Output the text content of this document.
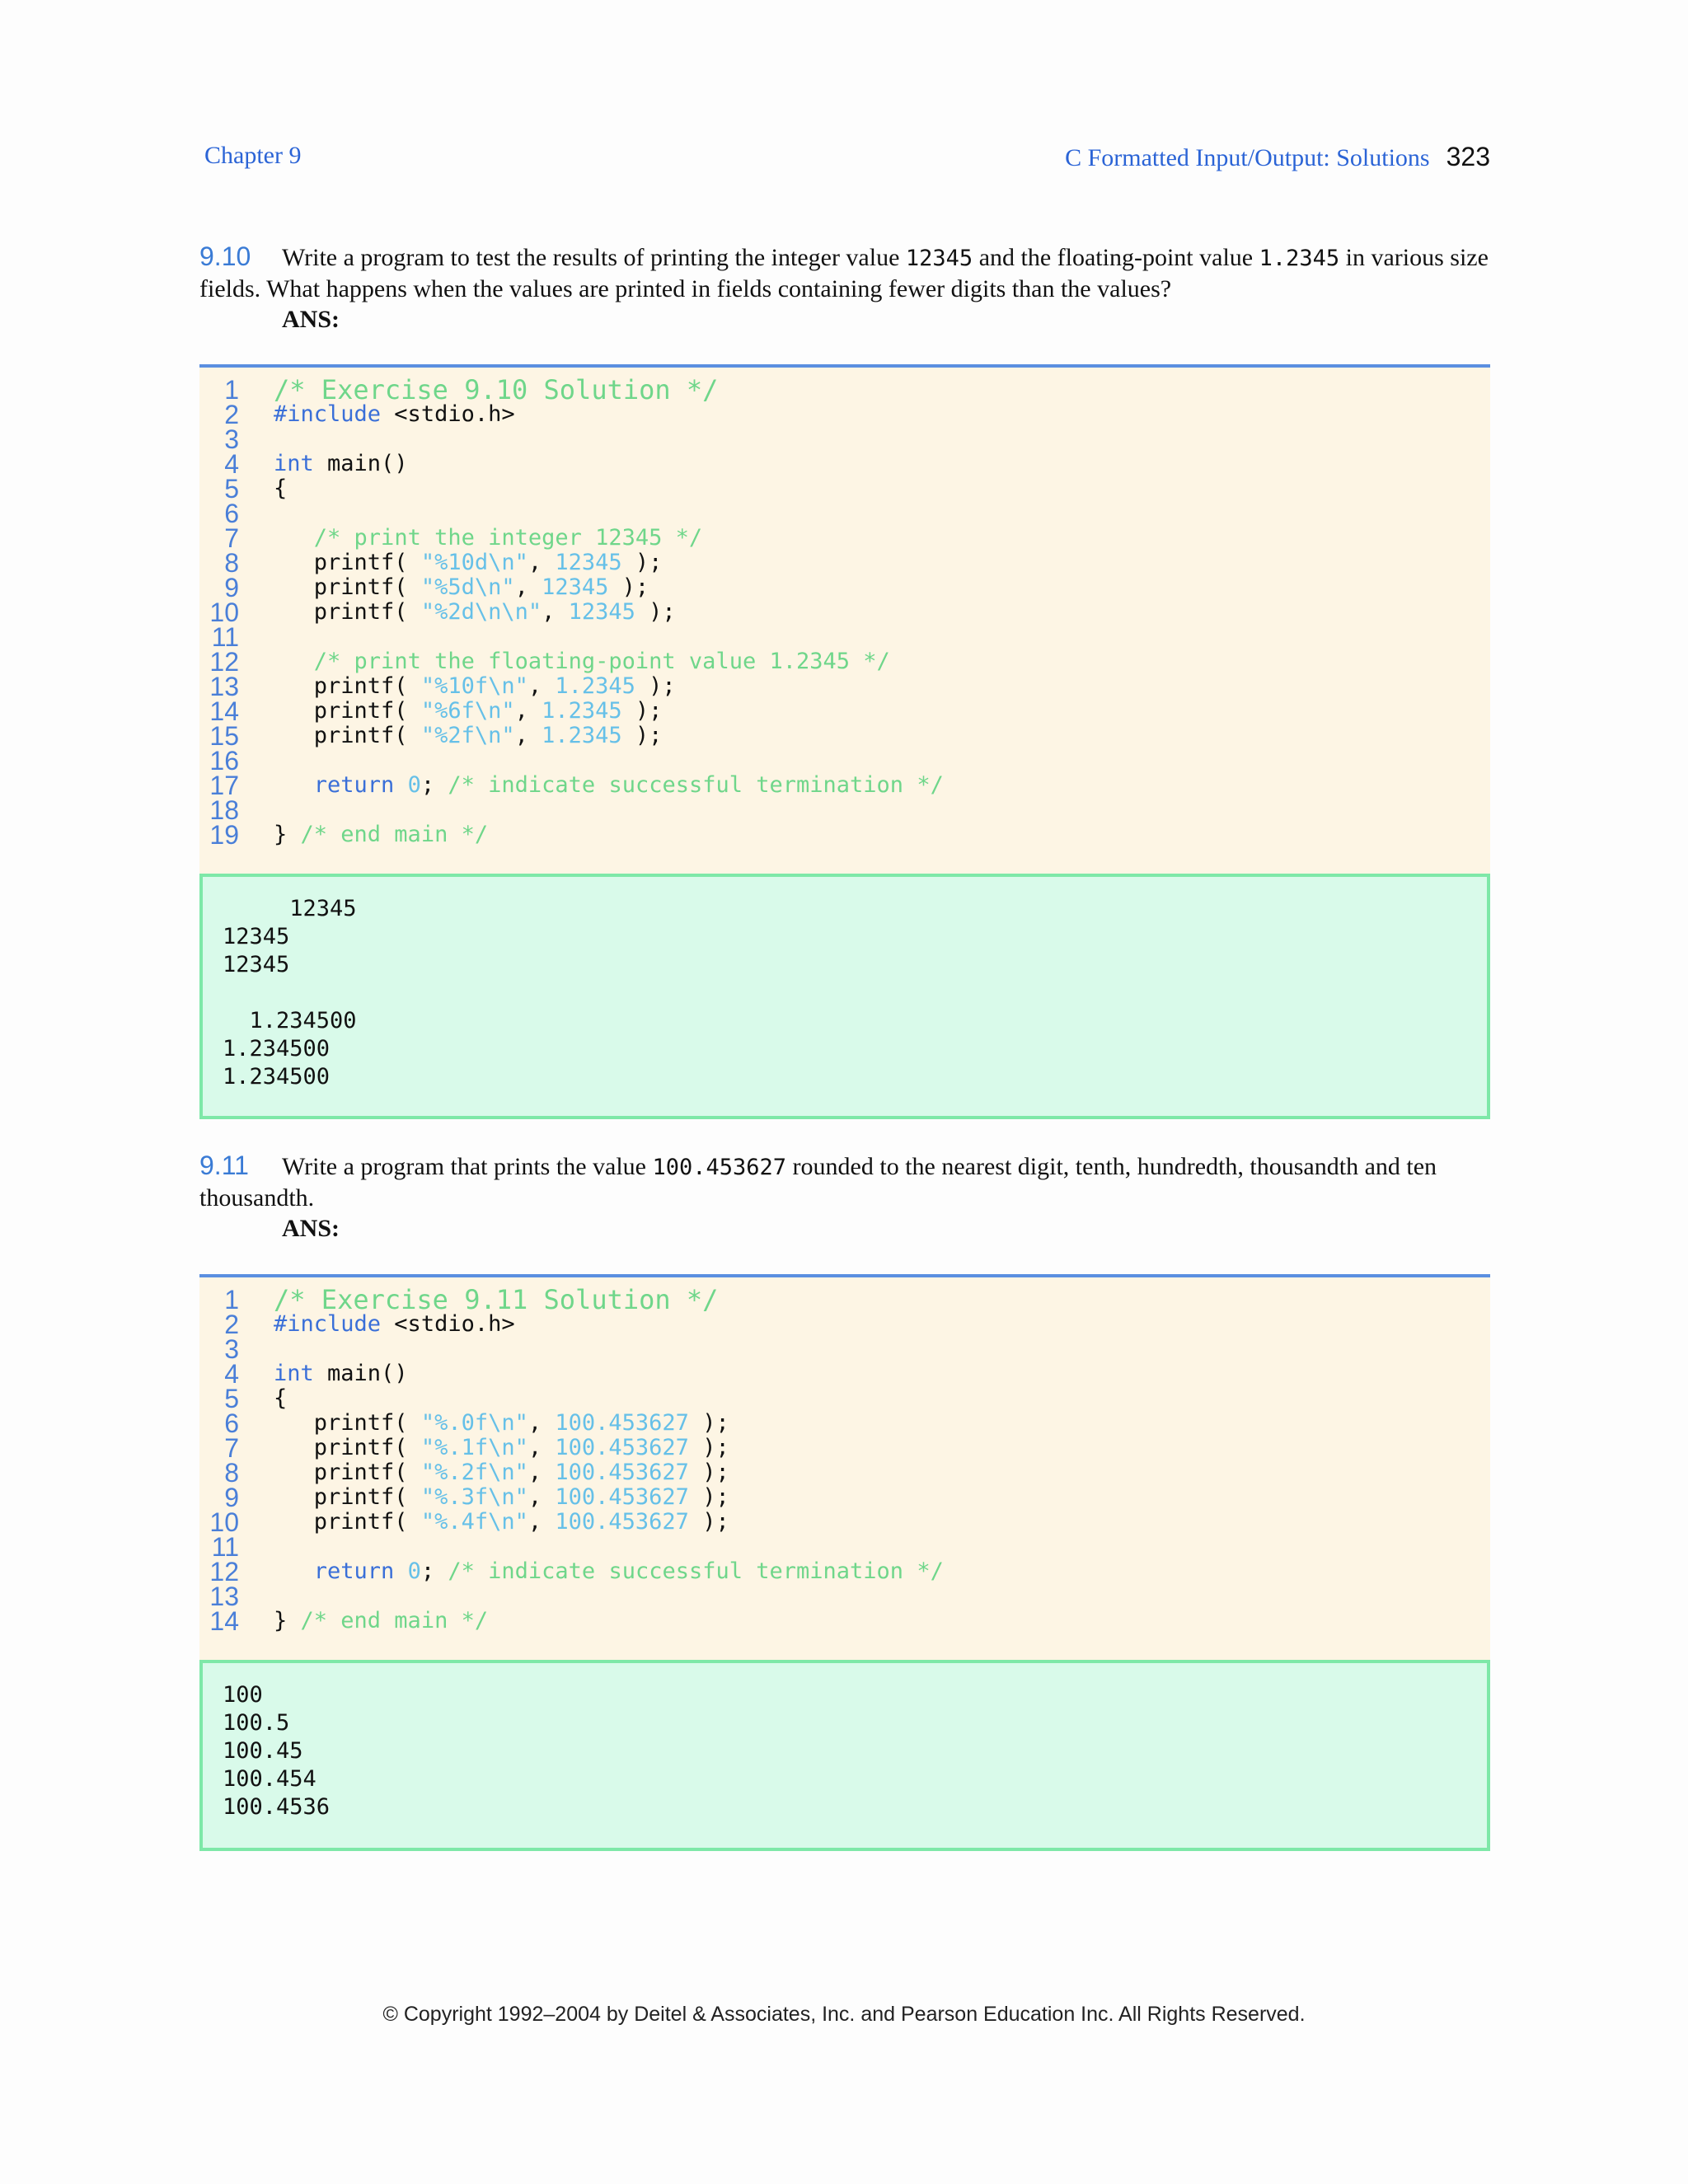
Chapter 9	C Formatted Input/Output: Solutions 323
9.10 Write a program to test the results of printing the integer value 12345 and the floating-point value 1.2345 in various size fields. What happens when the values are printed in fields containing fewer digits than the values?
ANS:
1 /* Exercise 9.10 Solution */
2 #include <stdio.h>
3
4 int main()
5 {
6
7	/* print the integer 12345 */
8 printf( "%10d\n", 12345 );
9 printf( "%5d\n", 12345 );
10 printf( "%2d\n\n", 12345 );
11
12	/* print the floating-point value 1.2345 */
13 printf( "%10f\n", 1.2345 );
14 printf( "%6f\n", 1.2345 );
15 printf( "%2f\n", 1.2345 );
16
17	return 0; /* indicate successful termination */
18
19 } /* end main */
12345
12345
12345
1.234500
1.234500
1.234500
9.11 Write a program that prints the value 100.453627 rounded to the nearest digit, tenth, hundredth, thousandth and ten thousandth.
ANS:
1 /* Exercise 9.11 Solution */
2 #include <stdio.h>
3
4 int main()
5 {
6 printf( "%.0f\n", 100.453627 );
7 printf( "%.1f\n", 100.453627 );
8 printf( "%.2f\n", 100.453627 );
9 printf( "%.3f\n", 100.453627 );
10 printf( "%.4f\n", 100.453627 );
11
12	return 0; /* indicate successful termination */
13
14 } /* end main */
100
100.5
100.45
100.454
100.4536
© Copyright 1992–2004 by Deitel & Associates, Inc. and Pearson Education Inc. All Rights Reserved.
